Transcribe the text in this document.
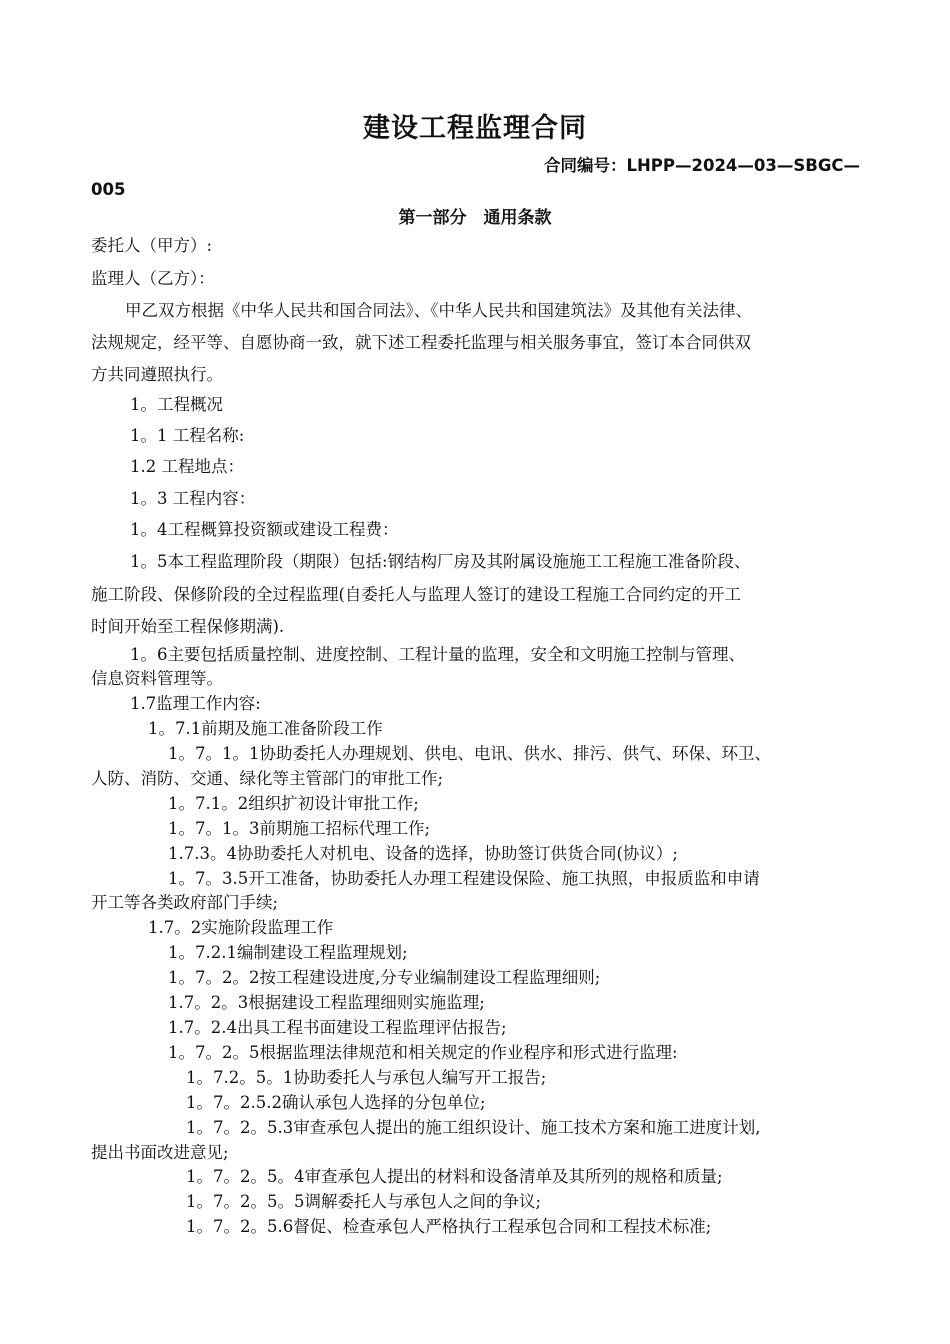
建设工程监理合同
合同编号：LHPP—2024—03—SBGC—
005
第一部分　通用条款
委托人（甲方）:
监理人（乙方）：
甲乙双方根据《中华人民共和国合同法》、《中华人民共和国建筑法》及其他有关法律、
法规规定，经平等、自愿协商一致，就下述工程委托监理与相关服务事宜，签订本合同供双
方共同遵照执行。
1。工程概况
1。1 工程名称:
1.2 工程地点：
1。3 工程内容：
1。4工程概算投资额或建设工程费：
1。5本工程监理阶段（期限）包括:钢结构厂房及其附属设施施工工程施工准备阶段、
施工阶段、保修阶段的全过程监理(自委托人与监理人签订的建设工程施工合同约定的开工
时间开始至工程保修期满).
1。6主要包括质量控制、进度控制、工程计量的监理，安全和文明施工控制与管理、
信息资料管理等。
1.7监理工作内容:
1。7.1前期及施工准备阶段工作
1。7。1。1协助委托人办理规划、供电、电讯、供水、排污、供气、环保、环卫、
人防、消防、交通、绿化等主管部门的审批工作;
1。7.1。2组织扩初设计审批工作;
1。7。1。3前期施工招标代理工作;
1.7.3。4协助委托人对机电、设备的选择，协助签订供货合同(协议）;
1。7。3.5开工准备，协助委托人办理工程建设保险、施工执照，申报质监和申请
开工等各类政府部门手续;
1.7。2实施阶段监理工作
1。7.2.1编制建设工程监理规划;
1。7。2。2按工程建设进度,分专业编制建设工程监理细则;
1.7。2。3根据建设工程监理细则实施监理;
1.7。2.4出具工程书面建设工程监理评估报告;
1。7。2。5根据监理法律规范和相关规定的作业程序和形式进行监理:
1。7.2。5。1协助委托人与承包人编写开工报告;
1。7。2.5.2确认承包人选择的分包单位;
1。7。2。5.3审查承包人提出的施工组织设计、施工技术方案和施工进度计划,
提出书面改进意见;
1。7。2。5。4审查承包人提出的材料和设备清单及其所列的规格和质量;
1。7。2。5。5调解委托人与承包人之间的争议;
1。7。2。5.6督促、检查承包人严格执行工程承包合同和工程技术标准;
